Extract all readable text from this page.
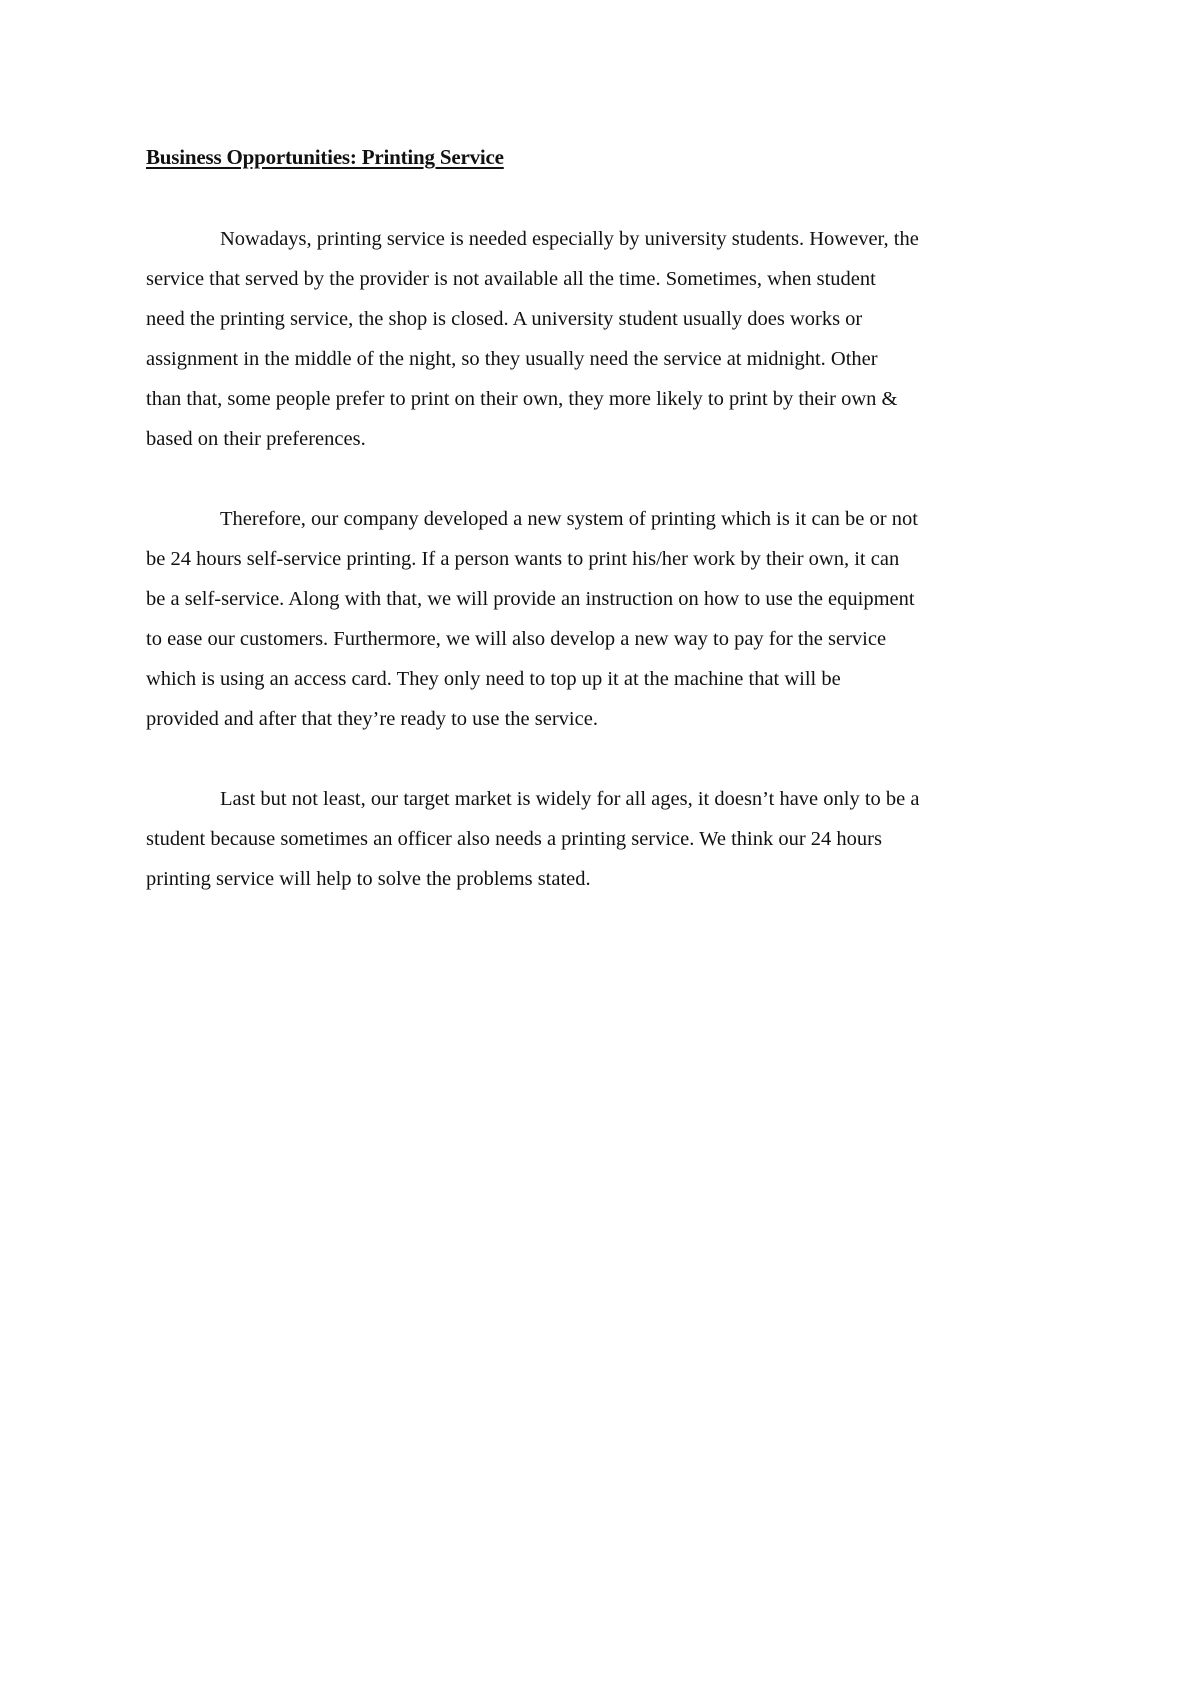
Business Opportunities: Printing Service
Nowadays, printing service is needed especially by university students. However, the
service that served by the provider is not available all the time. Sometimes, when student
need the printing service, the shop is closed. A university student usually does works or
assignment in the middle of the night, so they usually need the service at midnight. Other
than that, some people prefer to print on their own, they more likely to print by their own &
based on their preferences.
Therefore, our company developed a new system of printing which is it can be or not
be 24 hours self-service printing. If a person wants to print his/her work by their own, it can
be a self-service. Along with that, we will provide an instruction on how to use the equipment
to ease our customers. Furthermore, we will also develop a new way to pay for the service
which is using an access card. They only need to top up it at the machine that will be
provided and after that they’re ready to use the service.
Last but not least, our target market is widely for all ages, it doesn’t have only to be a
student because sometimes an officer also needs a printing service. We think our 24 hours
printing service will help to solve the problems stated.
